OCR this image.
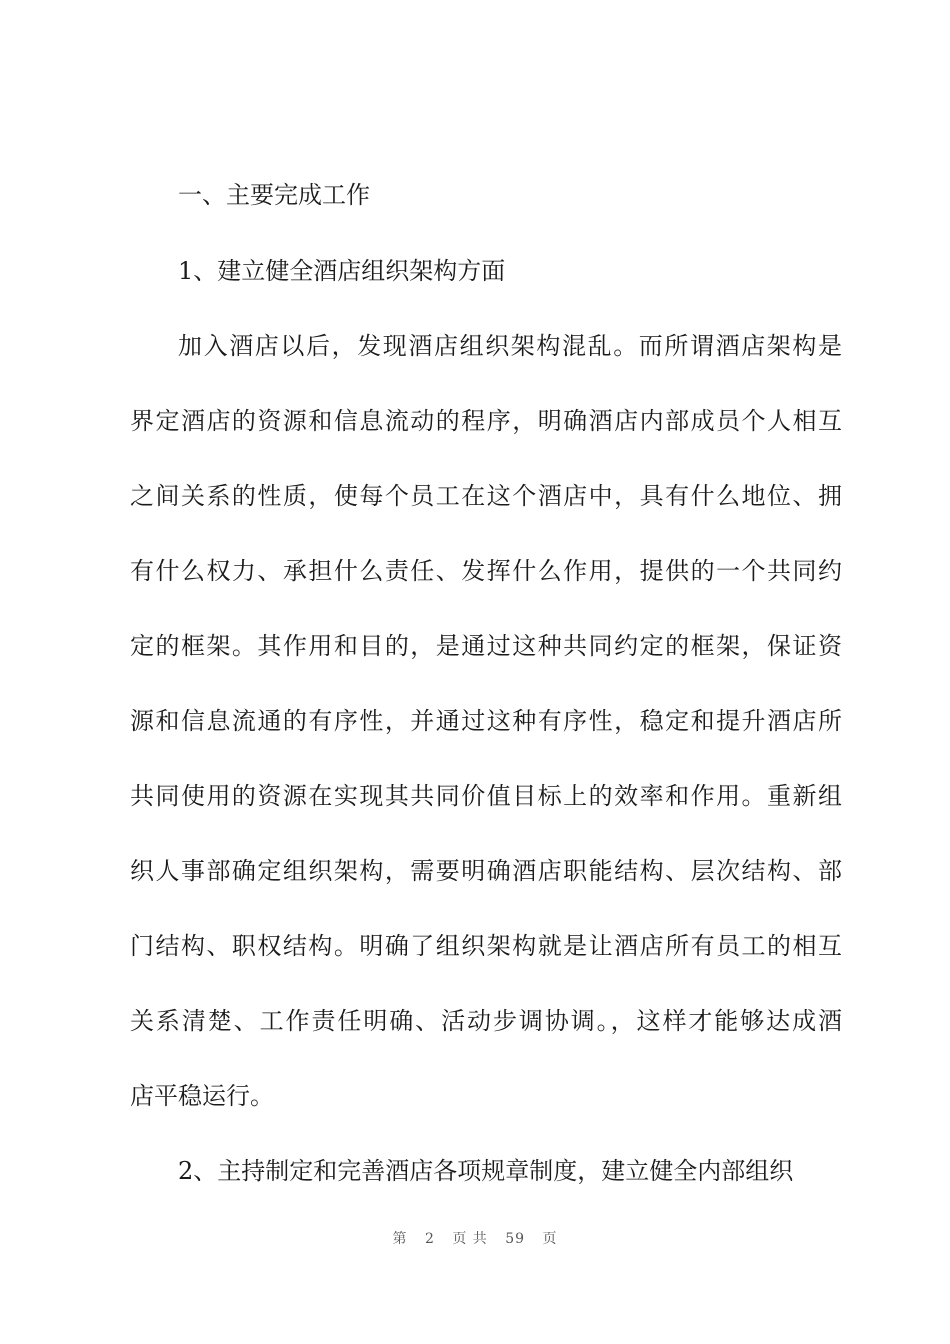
一、主要完成工作
1、建立健全酒店组织架构方面
加入酒店以后，发现酒店组织架构混乱。而所谓酒店架构是
界定酒店的资源和信息流动的程序，明确酒店内部成员个人相互
之间关系的性质，使每个员工在这个酒店中，具有什么地位、拥
有什么权力、承担什么责任、发挥什么作用，提供的一个共同约
定的框架。其作用和目的，是通过这种共同约定的框架，保证资
源和信息流通的有序性，并通过这种有序性，稳定和提升酒店所
共同使用的资源在实现其共同价值目标上的效率和作用。重新组
织人事部确定组织架构，需要明确酒店职能结构、层次结构、部
门结构、职权结构。明确了组织架构就是让酒店所有员工的相互
关系清楚、工作责任明确、活动步调协调。，这样才能够达成酒
店平稳运行。
2、主持制定和完善酒店各项规章制度，建立健全内部组织
第 2 页 共 59 页
